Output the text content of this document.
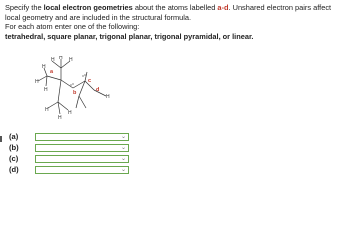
Specify the local electron geometries about the atoms labelled a-d. Unshared electron pairs affect

local geometry and are included in the structural formula.

For each atom enter one of the following:

tetrahedral, square planar, trigonal planar, trigonal pyramidal, or linear.

H	H
H
H
H
H
H
H
H
H
a
b
c
d
(a)	⌄
(b)	⌄
(c)	⌄
(d)	⌄
